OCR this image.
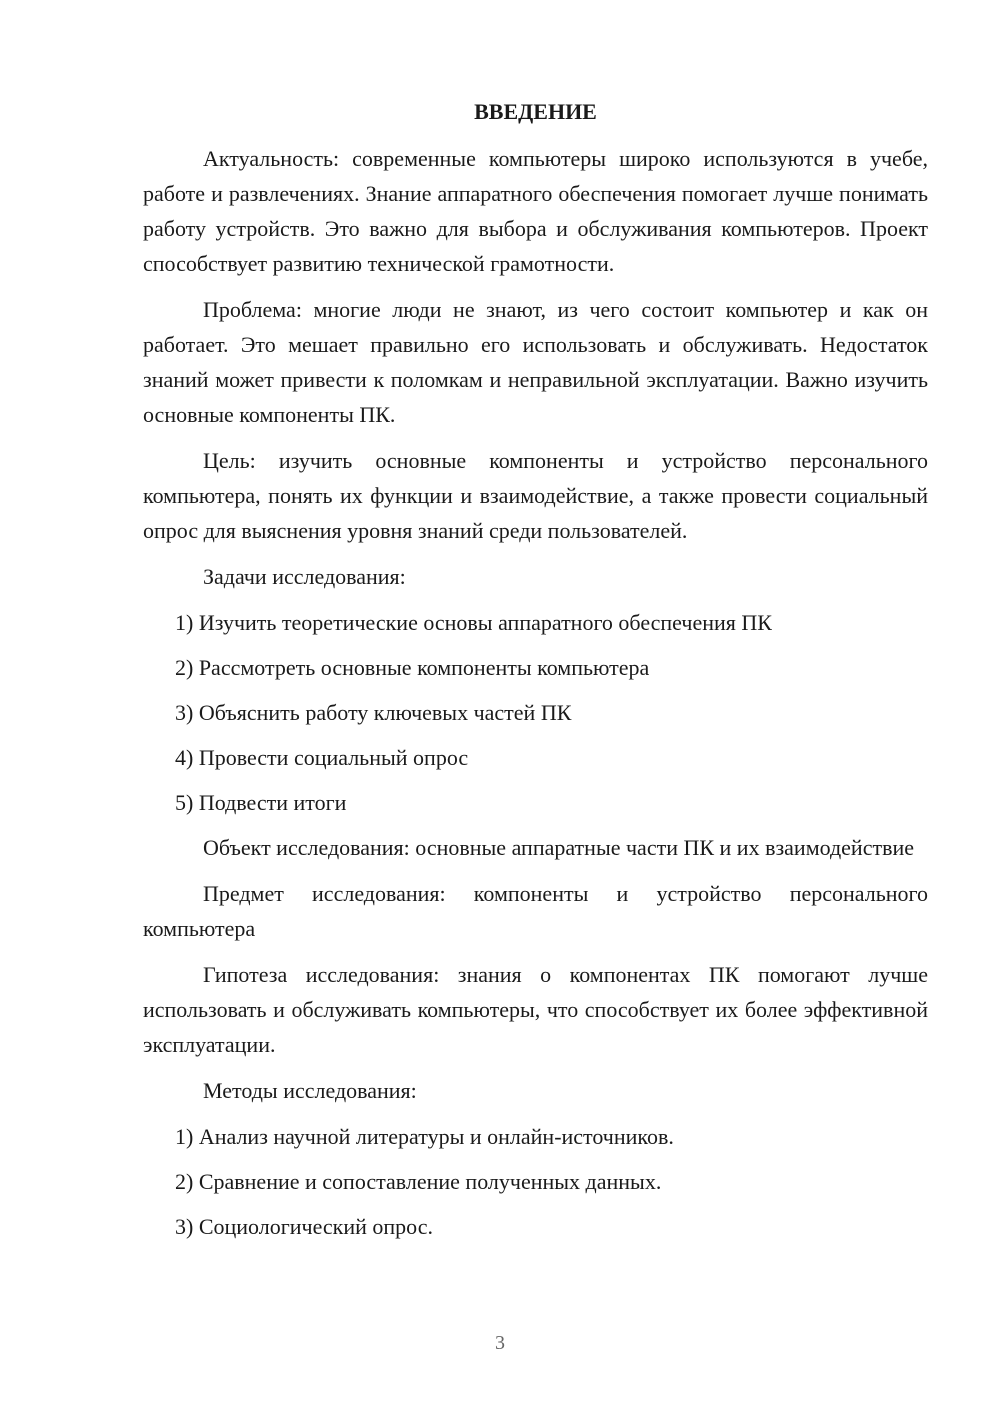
ВВЕДЕНИЕ

Актуальность: современные компьютеры широко используются в учебе, работе и развлечениях. Знание аппаратного обеспечения помогает лучше понимать работу устройств. Это важно для выбора и обслуживания компьютеров. Проект способствует развитию технической грамотности.

Проблема: многие люди не знают, из чего состоит компьютер и как он работает. Это мешает правильно его использовать и обслуживать. Недостаток знаний может привести к поломкам и неправильной эксплуатации. Важно изучить основные компоненты ПК.

Цель: изучить основные компоненты и устройство персонального компьютера, понять их функции и взаимодействие, а также провести социальный опрос для выяснения уровня знаний среди пользователей.

Задачи исследования:

1) Изучить теоретические основы аппаратного обеспечения ПК
2) Рассмотреть основные компоненты компьютера
3) Объяснить работу ключевых частей ПК
4) Провести социальный опрос
5) Подвести итоги

Объект исследования: основные аппаратные части ПК и их взаимодействие

Предмет исследования: компоненты и устройство персонального компьютера

Гипотеза исследования: знания о компонентах ПК помогают лучше использовать и обслуживать компьютеры, что способствует их более эффективной эксплуатации.

Методы исследования:

1) Анализ научной литературы и онлайн-источников.
2) Сравнение и сопоставление полученных данных.
3) Социологический опрос.
3
